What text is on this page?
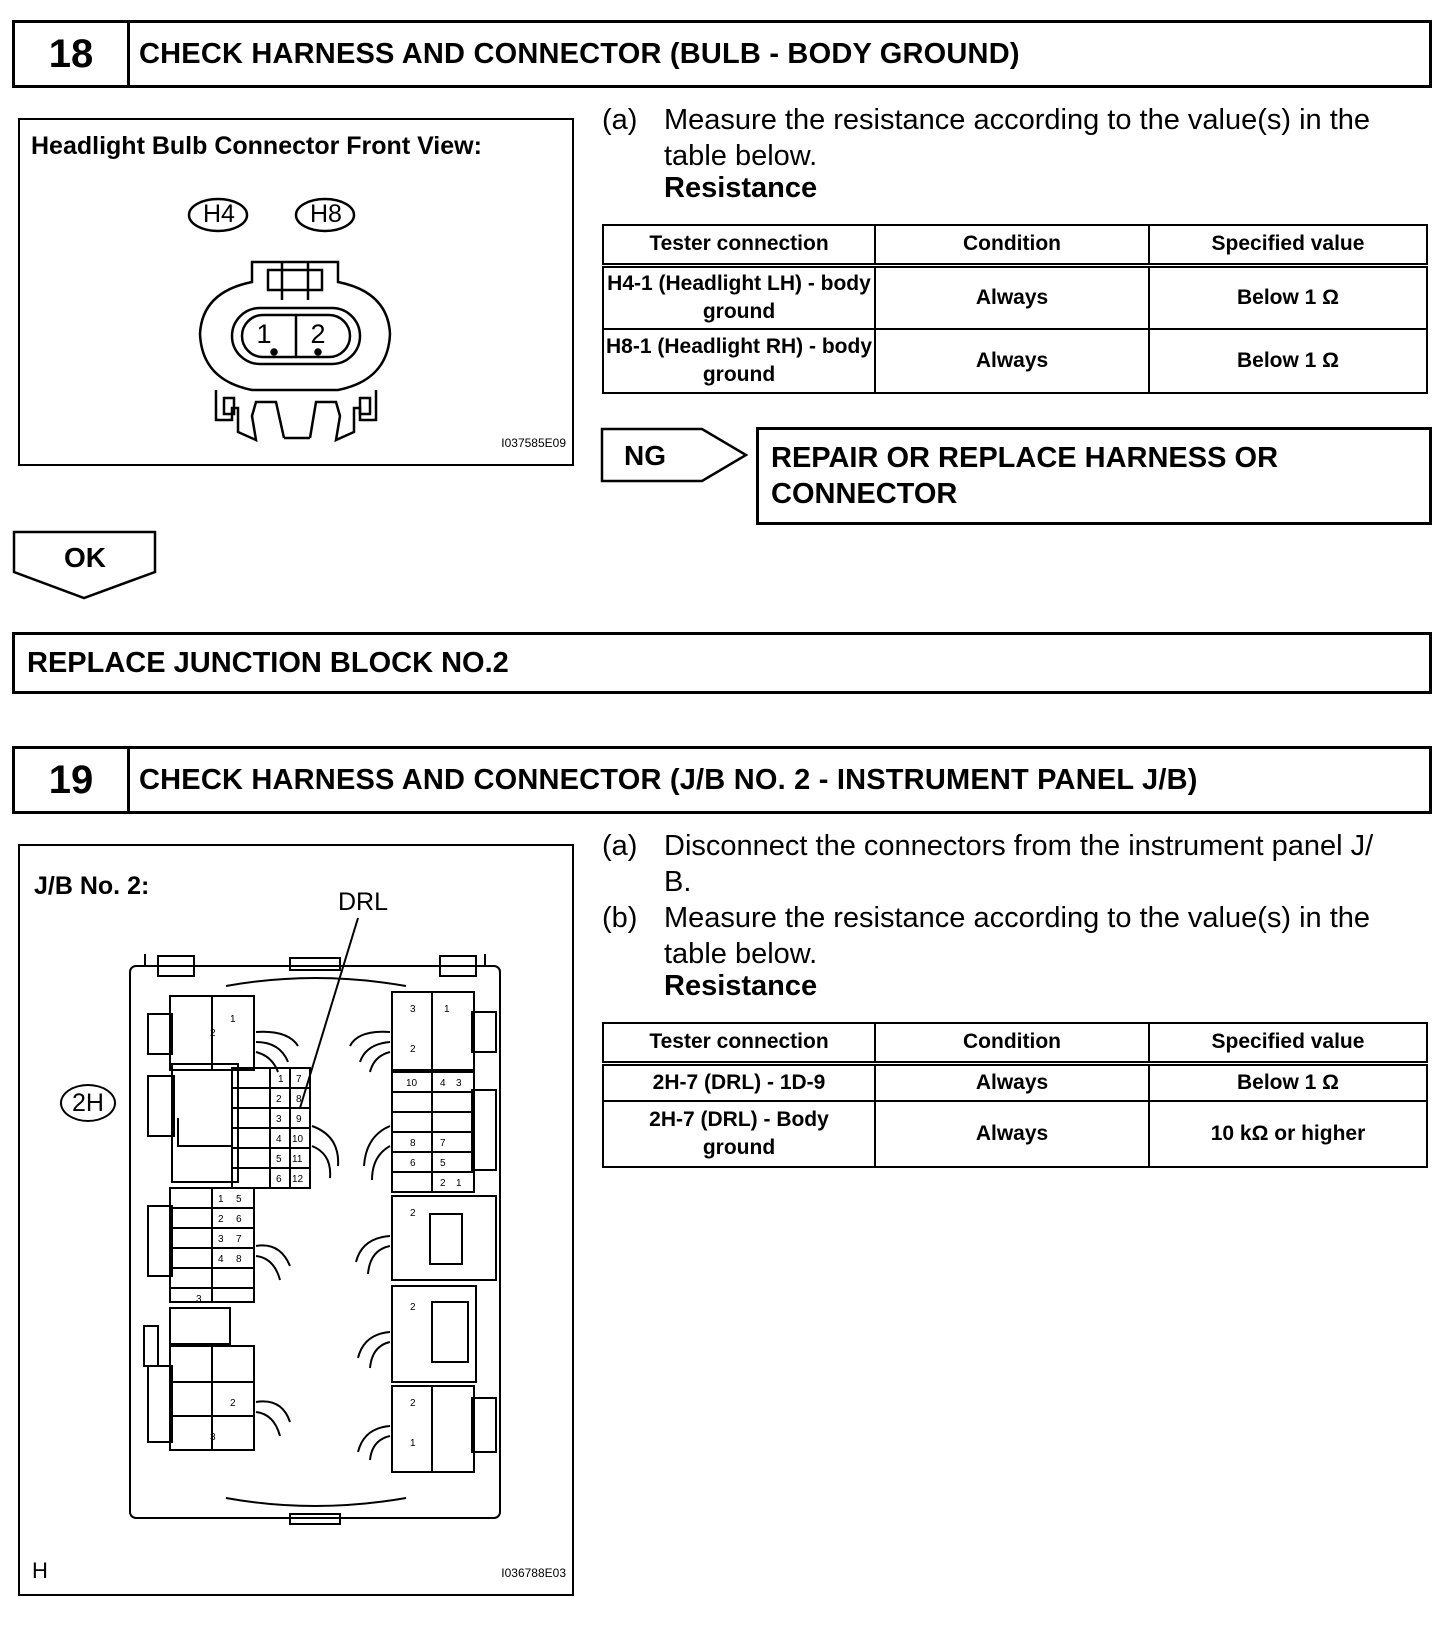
18	CHECK HARNESS AND CONNECTOR (BULB - BODY GROUND)
Headlight Bulb Connector Front View:
H4	H8
1 2
I037585E09
(a) Measure the resistance according to the value(s) in the table below.
Resistance
Tester connection	Condition	Specified value
H4-1 (Headlight LH) - body ground	Always	Below 1 Ω
H8-1 (Headlight RH) - body ground	Always	Below 1 Ω
NG	REPAIR OR REPLACE HARNESS OR CONNECTOR
OK
REPLACE JUNCTION BLOCK NO.2
19	CHECK HARNESS AND CONNECTOR (J/B NO. 2 - INSTRUMENT PANEL J/B)
J/B No. 2:
DRL
2H
2
1
1 7
2 8
3 9
4 10
5 11
6 12
1 5
2 6
3 7
4 8
3
2
3
3	1
2
10 4 3
8 7
6 5
2 1
2
2
2
1
H	I036788E03
(a) Disconnect the connectors from the instrument panel J/ B.
(b) Measure the resistance according to the value(s) in the table below.
Resistance
Tester connection	Condition	Specified value
2H-7 (DRL) - 1D-9	Always	Below 1 Ω
2H-7 (DRL) - Body ground	Always	10 kΩ or higher
